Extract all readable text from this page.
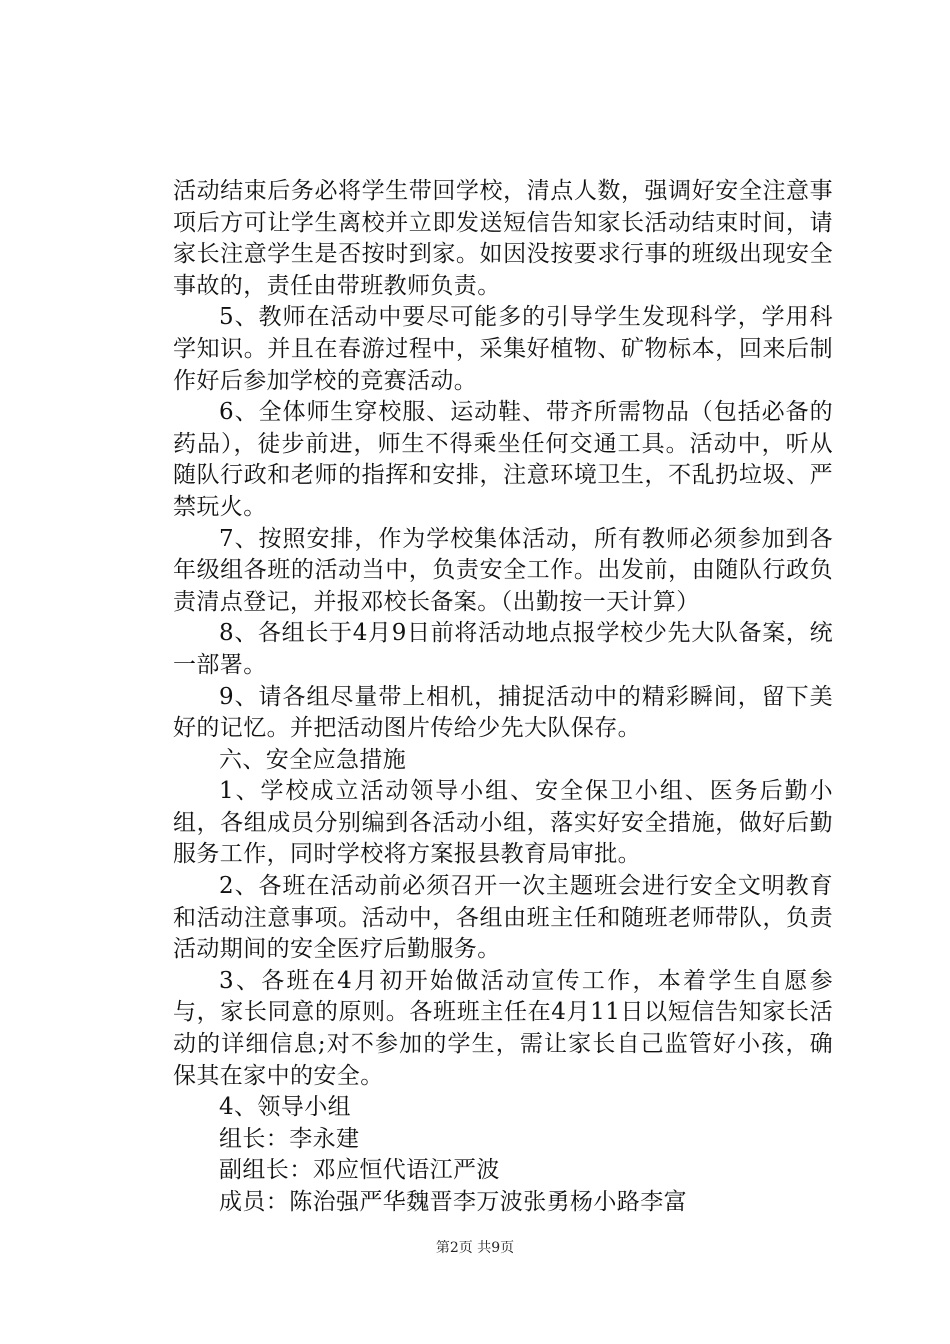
活动结束后务必将学生带回学校，清点人数，强调好安全注意事项后方可让学生离校并立即发送短信告知家长活动结束时间，请家长注意学生是否按时到家。如因没按要求行事的班级出现安全事故的，责任由带班教师负责。

5、教师在活动中要尽可能多的引导学生发现科学，学用科学知识。并且在春游过程中，采集好植物、矿物标本，回来后制作好后参加学校的竞赛活动。

6、全体师生穿校服、运动鞋、带齐所需物品（包括必备的药品），徒步前进，师生不得乘坐任何交通工具。活动中，听从随队行政和老师的指挥和安排，注意环境卫生，不乱扔垃圾、严禁玩火。

7、按照安排，作为学校集体活动，所有教师必须参加到各年级组各班的活动当中，负责安全工作。出发前，由随队行政负责清点登记，并报邓校长备案。（出勤按一天计算）

8、各组长于4月9日前将活动地点报学校少先大队备案，统一部署。

9、请各组尽量带上相机，捕捉活动中的精彩瞬间，留下美好的记忆。并把活动图片传给少先大队保存。

六、安全应急措施

1、学校成立活动领导小组、安全保卫小组、医务后勤小组，各组成员分别编到各活动小组，落实好安全措施，做好后勤服务工作，同时学校将方案报县教育局审批。

2、各班在活动前必须召开一次主题班会进行安全文明教育和活动注意事项。活动中，各组由班主任和随班老师带队，负责活动期间的安全医疗后勤服务。

3、各班在4月初开始做活动宣传工作，本着学生自愿参与，家长同意的原则。各班班主任在4月11日以短信告知家长活动的详细信息;对不参加的学生，需让家长自己监管好小孩，确保其在家中的安全。

4、领导小组

组长：李永建

副组长：邓应恒代语江严波

成员：陈治强严华魏晋李万波张勇杨小路李富

第2页 共9页
